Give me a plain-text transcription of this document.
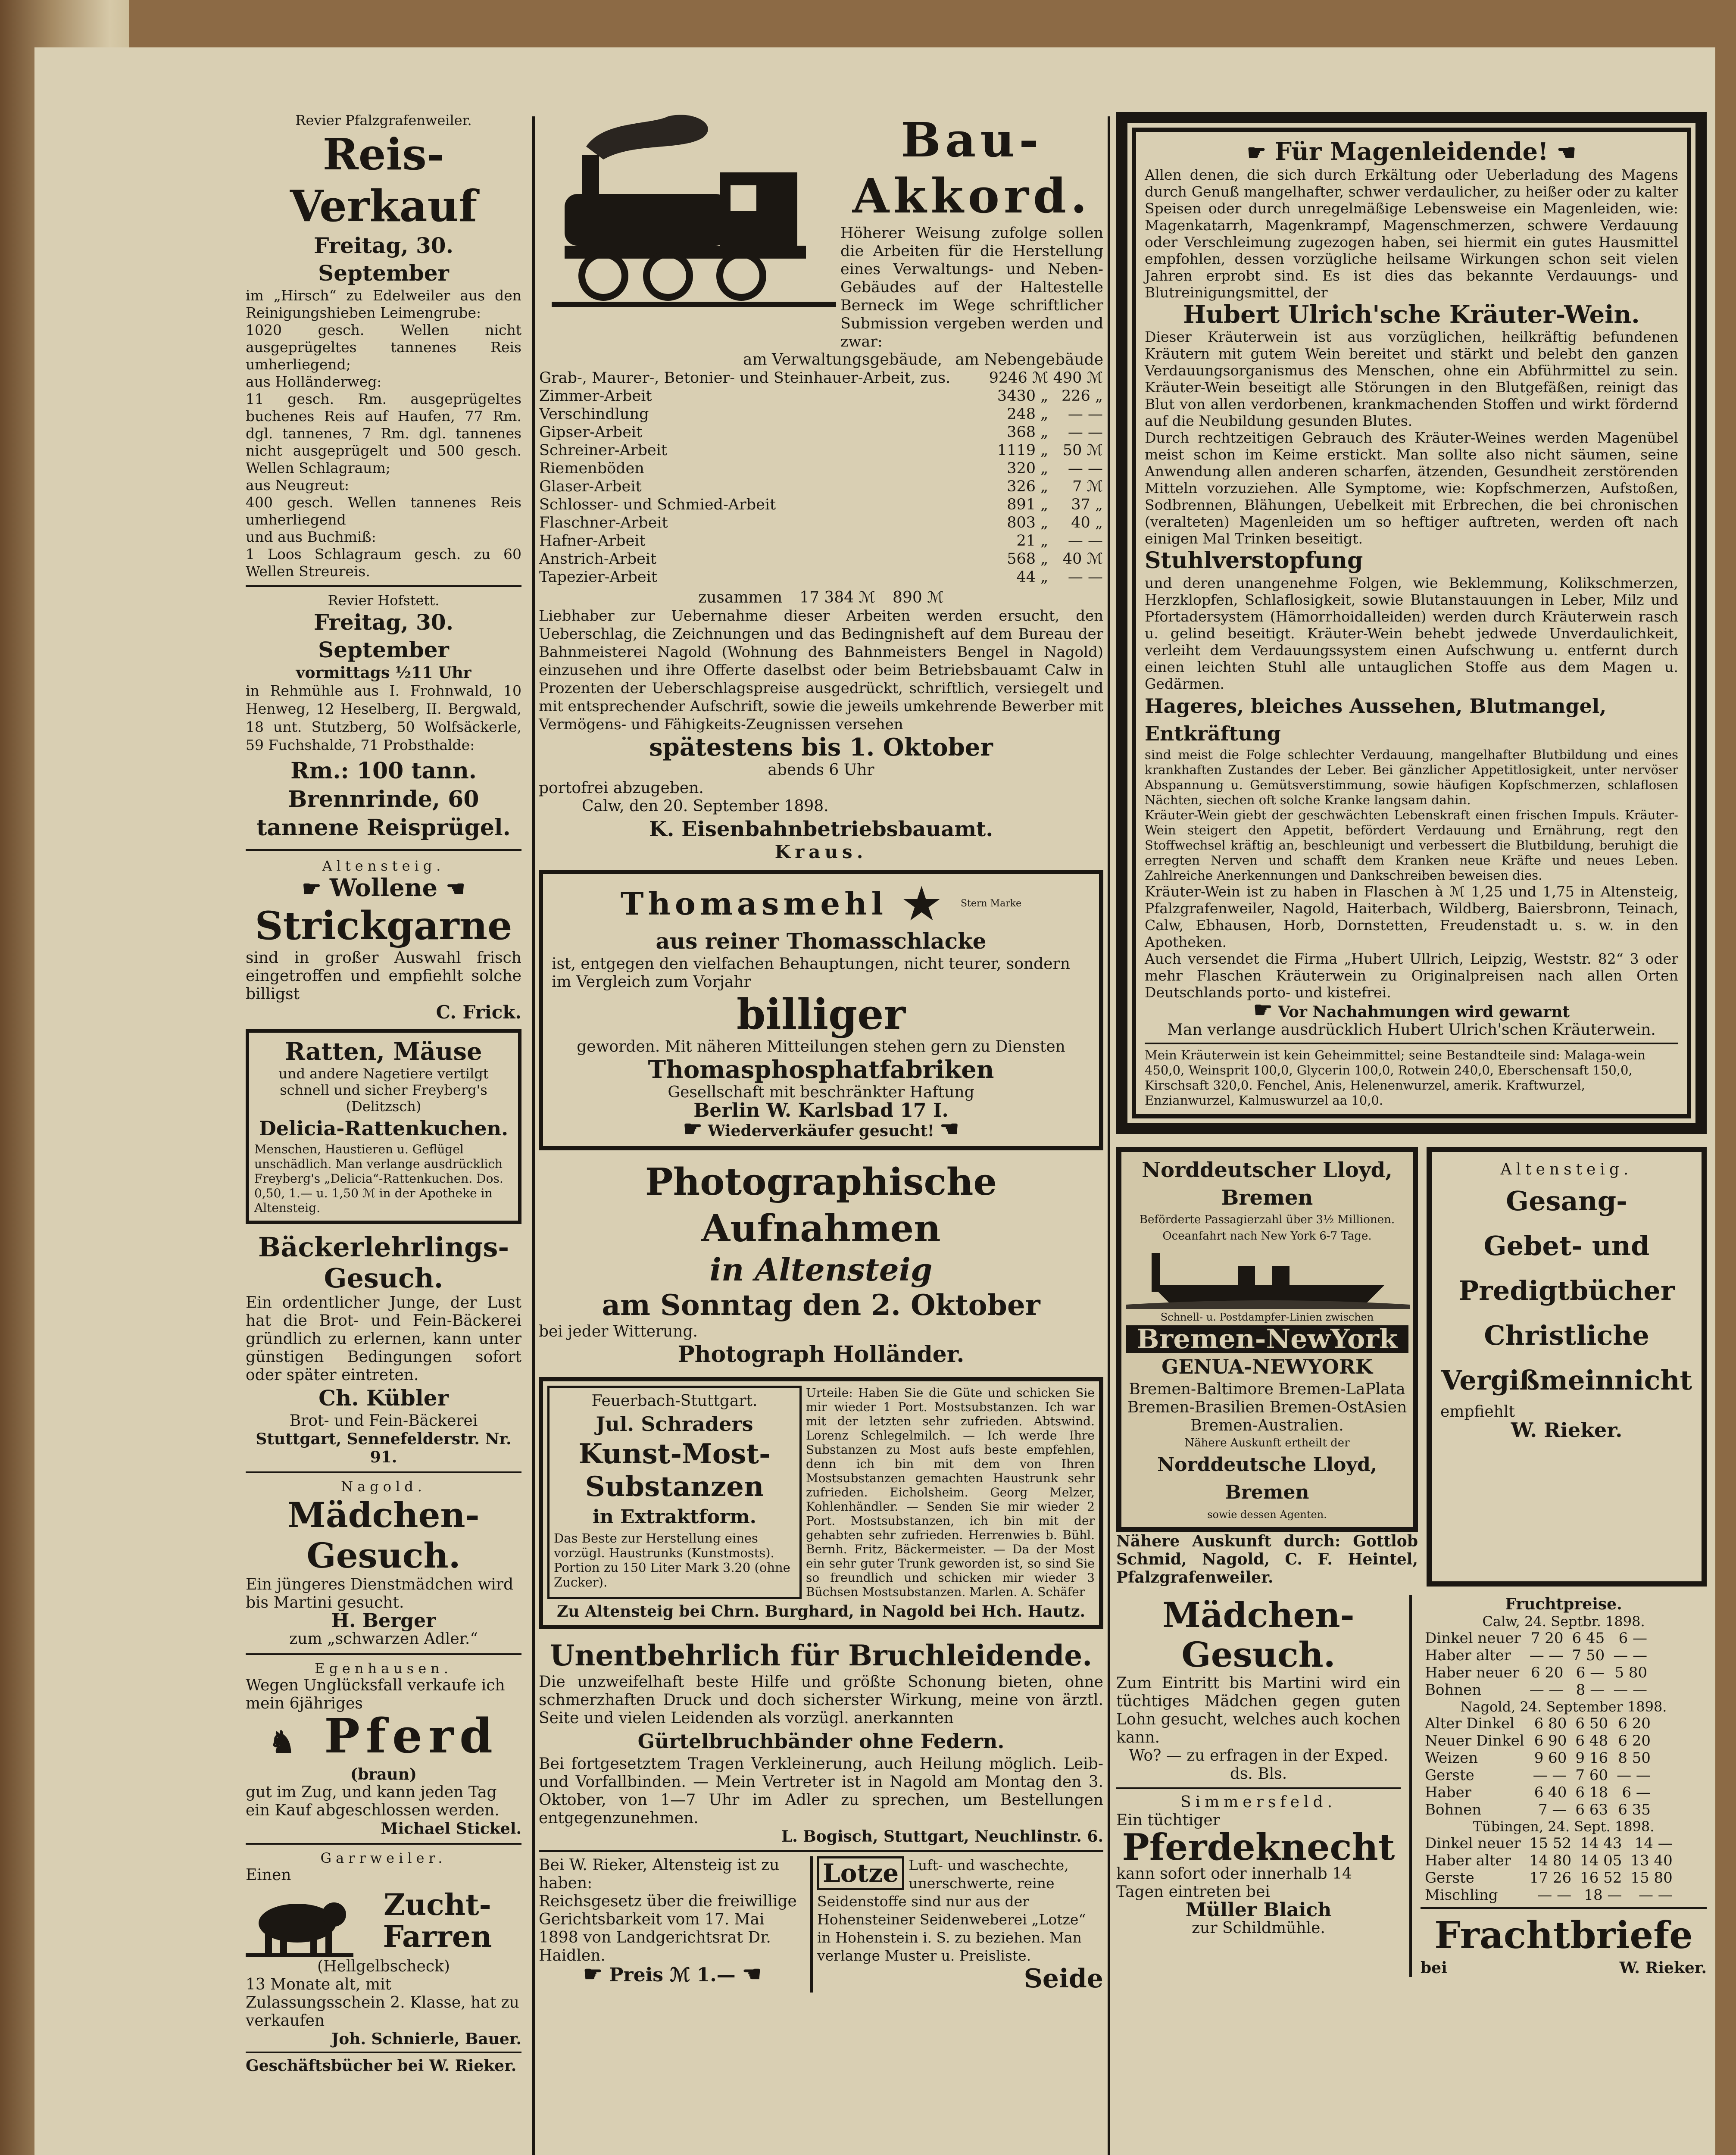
Revier Pfalzgrafenweiler.
Reis-Verkauf
Freitag, 30. September
im „Hirsch“ zu Edelweiler aus den Reinigungshieben Leimengrube:
1020 gesch. Wellen nicht ausgeprügeltes tannenes Reis umherliegend;
aus Holländerweg:
11 gesch. Rm. ausgeprügeltes buchenes Reis auf Haufen, 77 Rm. dgl. tannenes, 7 Rm. dgl. tannenes nicht ausgeprügelt und 500 gesch. Wellen Schlagraum;
aus Neugreut:
400 gesch. Wellen tannenes Reis umherliegend
und aus Buchmiß:
1 Loos Schlagraum gesch. zu 60 Wellen Streureis.
Revier Hofstett.
Freitag, 30. September
vormittags ½11 Uhr
in Rehmühle aus I. Frohnwald, 10 Henweg, 12 Heselberg, II. Bergwald, 18 unt. Stutzberg, 50 Wolfsäckerle, 59 Fuchshalde, 71 Probsthalde:
Rm.: 100 tann. Brennrinde, 60 tannene Reisprügel.
Altensteig.
☛ Wollene ☚
Strickgarne
sind in großer Auswahl frisch eingetroffen und empfiehlt solche billigst
C. Frick.
Ratten, Mäuse
und andere Nagetiere vertilgt schnell und sicher Freyberg's (Delitzsch)
Delicia-Rattenkuchen.
Menschen, Haustieren u. Geflügel unschädlich. Man verlange ausdrücklich Freyberg's „Delicia“-Rattenkuchen. Dos. 0,50, 1.— u. 1,50 ℳ in der Apotheke in Altensteig.
Bäckerlehrlings-Gesuch.
Ein ordentlicher Junge, der Lust hat die Brot- und Fein-Bäckerei gründlich zu erlernen, kann unter günstigen Bedingungen sofort oder später eintreten.
Ch. Kübler
Brot- und Fein-Bäckerei
Stuttgart, Sennefelderstr. Nr. 91.
Nagold.
Mädchen-Gesuch.
Ein jüngeres Dienstmädchen wird bis Martini gesucht.
H. Berger
zum „schwarzen Adler.“
Egenhausen.
Wegen Unglücksfall verkaufe ich mein 6jähriges
♞ Pferd
(braun)
gut im Zug, und kann jeden Tag ein Kauf abgeschlossen werden.
Michael Stickel.
Garrweiler.
Einen
Zucht-Farren
(Hellgelbscheck)
13 Monate alt, mit Zulassungsschein 2. Klasse, hat zu verkaufen
Joh. Schnierle, Bauer.
Geschäftsbücher bei W. Rieker.
Bau-
Akkord.
Höherer Weisung zufolge sollen die Arbeiten für die Herstellung eines Verwaltungs- und Neben-Gebäudes auf der Haltestelle Berneck im Wege schriftlicher Submission vergeben werden und zwar:
am Verwaltungsgebäude, am Nebengebäude
Grab-, Maurer-, Betonier- und Steinhauer-Arbeit, zus.	9246 ℳ	490 ℳ
Zimmer-Arbeit	3430 „	226 „
Verschindlung	248 „	— —
Gipser-Arbeit	368 „	— —
Schreiner-Arbeit	1119 „	50 ℳ
Riemenböden	320 „	— —
Glaser-Arbeit	326 „	7 ℳ
Schlosser- und Schmied-Arbeit	891 „	37 „
Flaschner-Arbeit	803 „	40 „
Hafner-Arbeit	21 „	— —
Anstrich-Arbeit	568 „	40 ℳ
Tapezier-Arbeit	44 „	— —
zusammen 17 384 ℳ 890 ℳ
Liebhaber zur Uebernahme dieser Arbeiten werden ersucht, den Ueberschlag, die Zeichnungen und das Bedingnisheft auf dem Bureau der Bahnmeisterei Nagold (Wohnung des Bahnmeisters Bengel in Nagold) einzusehen und ihre Offerte daselbst oder beim Betriebsbauamt Calw in Prozenten der Ueberschlagspreise ausgedrückt, schriftlich, versiegelt und mit entsprechender Aufschrift, sowie die jeweils umkehrende Bewerber mit Vermögens- und Fähigkeits-Zeugnissen versehen
spätestens bis 1. Oktober
abends 6 Uhr
portofrei abzugeben.
Calw, den 20. September 1898.
K. Eisenbahnbetriebsbauamt.
Kraus.
Thomasmehl ★	Stern Marke
aus reiner Thomasschlacke
ist, entgegen den vielfachen Behauptungen, nicht teurer, sondern im Vergleich zum Vorjahr
billiger
geworden. Mit näheren Mitteilungen stehen gern zu Diensten
Thomasphosphatfabriken
Gesellschaft mit beschränkter Haftung
Berlin W. Karlsbad 17 I.
☛ Wiederverkäufer gesucht! ☚
Photographische Aufnahmen
in Altensteig
am Sonntag den 2. Oktober
bei jeder Witterung.
Photograph Holländer.
Feuerbach-Stuttgart.
Jul. Schraders
Kunst-Most-Substanzen
in Extraktform.
Das Beste zur Herstellung eines vorzügl. Haustrunks (Kunstmosts). Portion zu 150 Liter Mark 3.20 (ohne Zucker).
Urteile: Haben Sie die Güte und schicken Sie mir wieder 1 Port. Mostsubstanzen. Ich war mit der letzten sehr zufrieden. Abtswind. Lorenz Schlegelmilch. — Ich werde Ihre Substanzen zu Most aufs beste empfehlen, denn ich bin mit dem von Ihren Mostsubstanzen gemachten Haustrunk sehr zufrieden. Eicholsheim. Georg Melzer, Kohlenhändler. — Senden Sie mir wieder 2 Port. Mostsubstanzen, ich bin mit der gehabten sehr zufrieden. Herrenwies b. Bühl. Bernh. Fritz, Bäckermeister. — Da der Most ein sehr guter Trunk geworden ist, so sind Sie so freundlich und schicken mir wieder 3 Büchsen Mostsubstanzen. Marlen. A. Schäfer
Zu Altensteig bei Chrn. Burghard, in Nagold bei Hch. Hautz.
Unentbehrlich für Bruchleidende.
Die unzweifelhaft beste Hilfe und größte Schonung bieten, ohne schmerzhaften Druck und doch sicherster Wirkung, meine von ärztl. Seite und vielen Leidenden als vorzügl. anerkannten
Gürtelbruchbänder ohne Federn.
Bei fortgesetztem Tragen Verkleinerung, auch Heilung möglich. Leib- und Vorfallbinden. — Mein Vertreter ist in Nagold am Montag den 3. Oktober, von 1—7 Uhr im Adler zu sprechen, um Bestellungen entgegenzunehmen.
L. Bogisch, Stuttgart, Neuchlinstr. 6.
Bei W. Rieker, Altensteig ist zu haben:
Reichsgesetz über die freiwillige Gerichtsbarkeit vom 17. Mai 1898 von Landgerichtsrat Dr. Haidlen.
☛ Preis ℳ 1.— ☚
Lotze Luft- und waschechte, unerschwerte, reine Seidenstoffe sind nur aus der Hohensteiner Seidenweberei „Lotze“ in Hohenstein i. S. zu beziehen. Man verlange Muster u. Preisliste.
Seide
☛ Für Magenleidende! ☚
Allen denen, die sich durch Erkältung oder Ueberladung des Magens durch Genuß mangelhafter, schwer verdaulicher, zu heißer oder zu kalter Speisen oder durch unregelmäßige Lebensweise ein Magenleiden, wie: Magenkatarrh, Magenkrampf, Magenschmerzen, schwere Verdauung oder Verschleimung zugezogen haben, sei hiermit ein gutes Hausmittel empfohlen, dessen vorzügliche heilsame Wirkungen schon seit vielen Jahren erprobt sind. Es ist dies das bekannte Verdauungs- und Blutreinigungsmittel, der
Hubert Ulrich'sche Kräuter-Wein.
Dieser Kräuterwein ist aus vorzüglichen, heilkräftig befundenen Kräutern mit gutem Wein bereitet und stärkt und belebt den ganzen Verdauungsorganismus des Menschen, ohne ein Abführmittel zu sein. Kräuter-Wein beseitigt alle Störungen in den Blutgefäßen, reinigt das Blut von allen verdorbenen, krankmachenden Stoffen und wirkt fördernd auf die Neubildung gesunden Blutes.
Durch rechtzeitigen Gebrauch des Kräuter-Weines werden Magenübel meist schon im Keime erstickt. Man sollte also nicht säumen, seine Anwendung allen anderen scharfen, ätzenden, Gesundheit zerstörenden Mitteln vorzuziehen. Alle Symptome, wie: Kopfschmerzen, Aufstoßen, Sodbrennen, Blähungen, Uebelkeit mit Erbrechen, die bei chronischen (veralteten) Magenleiden um so heftiger auftreten, werden oft nach einigen Mal Trinken beseitigt.
Stuhlverstopfung
und deren unangenehme Folgen, wie Beklemmung, Kolikschmerzen, Herzklopfen, Schlaflosigkeit, sowie Blutanstauungen in Leber, Milz und Pfortadersystem (Hämorrhoidalleiden) werden durch Kräuterwein rasch u. gelind beseitigt. Kräuter-Wein behebt jedwede Unverdaulichkeit, verleiht dem Verdauungssystem einen Aufschwung u. entfernt durch einen leichten Stuhl alle untauglichen Stoffe aus dem Magen u. Gedärmen.
Hageres, bleiches Aussehen, Blutmangel, Entkräftung
sind meist die Folge schlechter Verdauung, mangelhafter Blutbildung und eines krankhaften Zustandes der Leber. Bei gänzlicher Appetitlosigkeit, unter nervöser Abspannung u. Gemütsverstimmung, sowie häufigen Kopfschmerzen, schlaflosen Nächten, siechen oft solche Kranke langsam dahin.
Kräuter-Wein giebt der geschwächten Lebenskraft einen frischen Impuls. Kräuter-Wein steigert den Appetit, befördert Verdauung und Ernährung, regt den Stoffwechsel kräftig an, beschleunigt und verbessert die Blutbildung, beruhigt die erregten Nerven und schafft dem Kranken neue Kräfte und neues Leben. Zahlreiche Anerkennungen und Dankschreiben beweisen dies.
Kräuter-Wein ist zu haben in Flaschen à ℳ 1,25 und 1,75 in Altensteig, Pfalzgrafenweiler, Nagold, Haiterbach, Wildberg, Baiersbronn, Teinach, Calw, Ebhausen, Horb, Dornstetten, Freudenstadt u. s. w. in den Apotheken.
Auch versendet die Firma „Hubert Ullrich, Leipzig, Weststr. 82“ 3 oder mehr Flaschen Kräuterwein zu Originalpreisen nach allen Orten Deutschlands porto- und kistefrei.
☛ Vor Nachahmungen wird gewarnt
Man verlange ausdrücklich Hubert Ulrich'schen Kräuterwein.
Mein Kräuterwein ist kein Geheimmittel; seine Bestandteile sind: Malaga-wein 450,0, Weinsprit 100,0, Glycerin 100,0, Rotwein 240,0, Eberschensaft 150,0, Kirschsaft 320,0. Fenchel, Anis, Helenenwurzel, amerik. Kraftwurzel, Enzianwurzel, Kalmuswurzel aa 10,0.
Norddeutscher Lloyd, Bremen
Beförderte Passagierzahl über 3½ Millionen.
Oceanfahrt nach New York 6-7 Tage.
Schnell- u. Postdampfer-Linien zwischen
Bremen-NewYork
GENUA-NEWYORK
Bremen-Baltimore Bremen-LaPlata
Bremen-Brasilien Bremen-OstAsien
Bremen-Australien.
Nähere Auskunft ertheilt der
Norddeutsche Lloyd, Bremen
sowie dessen Agenten.
Nähere Auskunft durch: Gottlob Schmid, Nagold, C. F. Heintel, Pfalzgrafenweiler.
Altensteig.
Gesang-
Gebet- und
Predigtbücher
Christliche Vergißmeinnicht
empfiehlt
W. Rieker.
Mädchen-Gesuch.
Zum Eintritt bis Martini wird ein tüchtiges Mädchen gegen guten Lohn gesucht, welches auch kochen kann.
Wo? — zu erfragen in der Exped. ds. Bls.
Simmersfeld.
Ein tüchtiger
Pferdeknecht
kann sofort oder innerhalb 14 Tagen eintreten bei
Müller Blaich
zur Schildmühle.
Fruchtpreise.
Calw, 24. Septbr. 1898.
Dinkel neuer	7 20	6 45	6 —
Haber alter	— —	7 50	— —
Haber neuer	6 20	6 —	5 80
Bohnen	— —	8 —	— —
Nagold, 24. September 1898.
Alter Dinkel	6 80	6 50	6 20
Neuer Dinkel	6 90	6 48	6 20
Weizen	9 60	9 16	8 50
Gerste	— —	7 60	— —
Haber	6 40	6 18	6 —
Bohnen	7 —	6 63	6 35
Tübingen, 24. Sept. 1898.
Dinkel neuer	15 52	14 43	14 —
Haber alter	14 80	14 05	13 40
Gerste	17 26	16 52	15 80
Mischling	— —	18 —	— —
Frachtbriefe
bei	W. Rieker.
